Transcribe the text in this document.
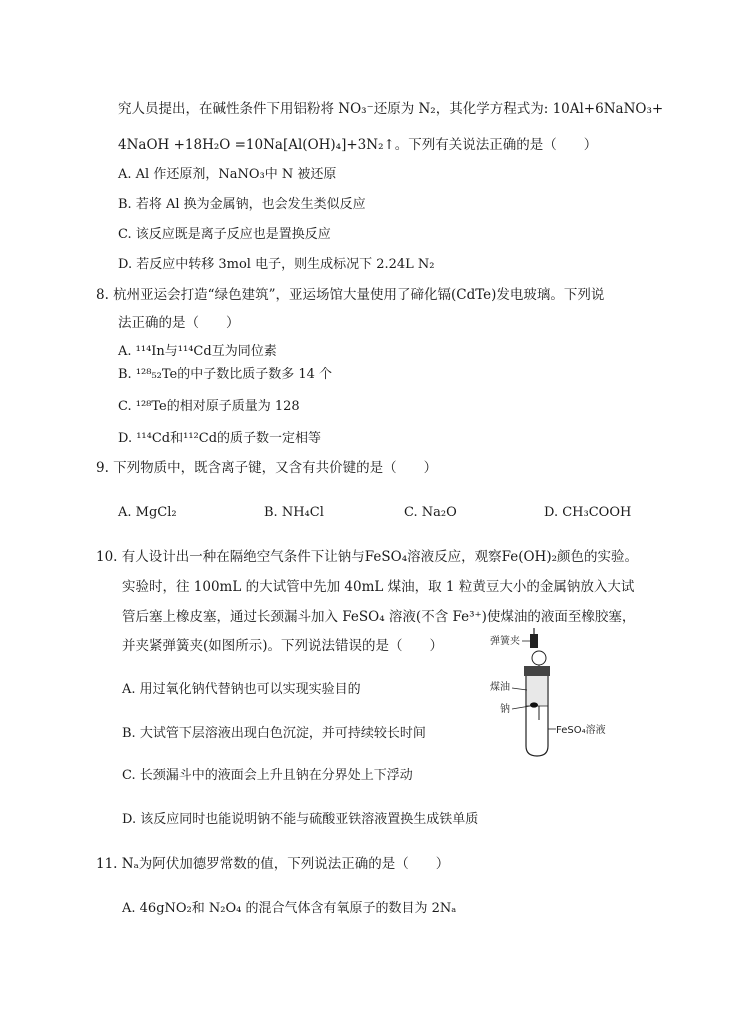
究人员提出，在碱性条件下用铝粉将 NO₃⁻还原为 N₂，其化学方程式为: 10Al+6NaNO₃+
4NaOH +18H₂O =10Na[Al(OH)₄]+3N₂↑。下列有关说法正确的是（　　）
A. Al 作还原剂，NaNO₃中 N 被还原
B. 若将 Al 换为金属钠，也会发生类似反应
C. 该反应既是离子反应也是置换反应
D. 若反应中转移 3mol 电子，则生成标况下 2.24L N₂
8. 杭州亚运会打造“绿色建筑”，亚运场馆大量使用了碲化镉(CdTe)发电玻璃。下列说
法正确的是（　　）
A. ¹¹⁴In与¹¹⁴Cd互为同位素
B. ¹²⁸₅₂Te的中子数比质子数多 14 个
C. ¹²⁸Te的相对原子质量为 128
D. ¹¹⁴Cd和¹¹²Cd的质子数一定相等
9. 下列物质中，既含离子键，又含有共价键的是（　　）
A. MgCl₂	B. NH₄Cl	C. Na₂O	D. CH₃COOH
10. 有人设计出一种在隔绝空气条件下让钠与FeSO₄溶液反应，观察Fe(OH)₂颜色的实验。
实验时，往 100mL 的大试管中先加 40mL 煤油，取 1 粒黄豆大小的金属钠放入大试
管后塞上橡皮塞，通过长颈漏斗加入 FeSO₄ 溶液(不含 Fe³⁺)使煤油的液面至橡胶塞，
并夹紧弹簧夹(如图所示)。下列说法错误的是（　　）
A. 用过氧化钠代替钠也可以实现实验目的
B. 大试管下层溶液出现白色沉淀，并可持续较长时间
C. 长颈漏斗中的液面会上升且钠在分界处上下浮动
D. 该反应同时也能说明钠不能与硫酸亚铁溶液置换生成铁单质
弹簧夹
煤油
钠
FeSO₄溶液
11. Nₐ为阿伏加德罗常数的值，下列说法正确的是（　　）
A. 46gNO₂和 N₂O₄ 的混合气体含有氧原子的数目为 2Nₐ
